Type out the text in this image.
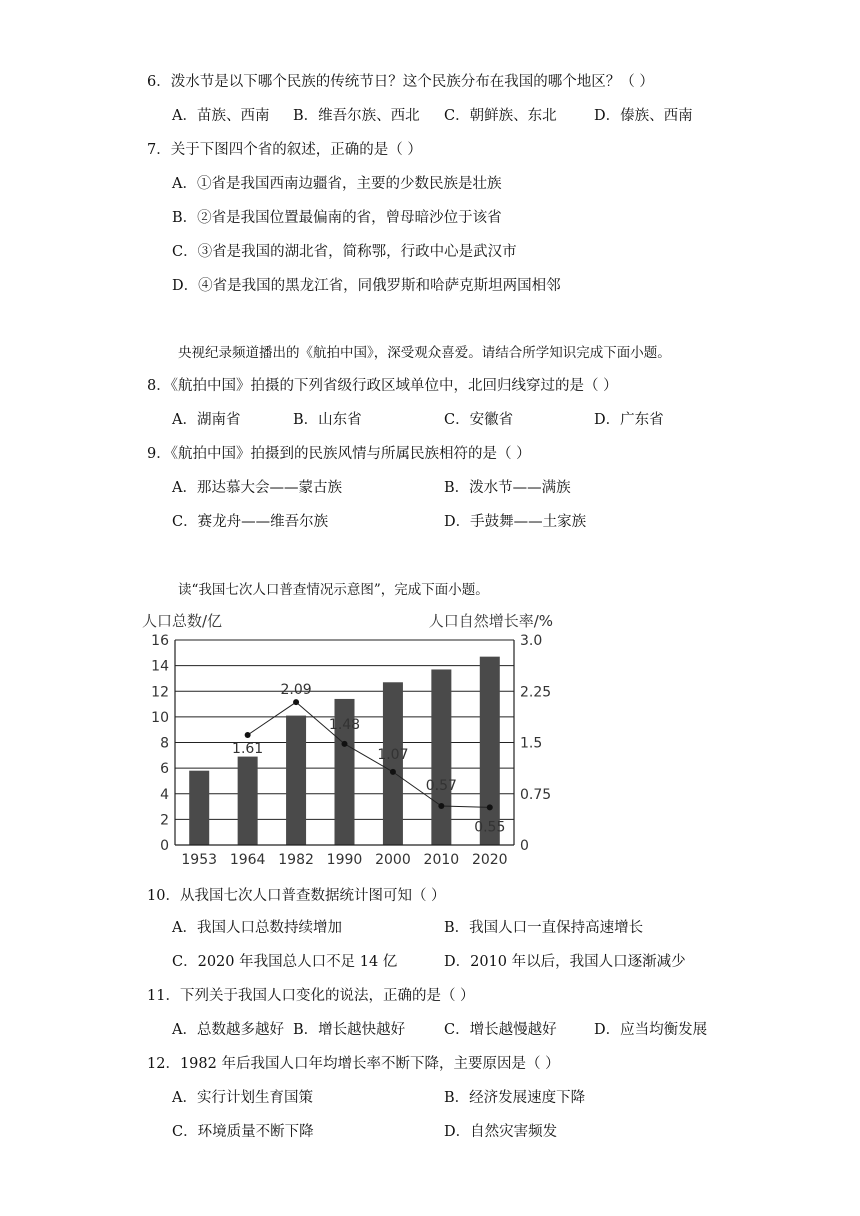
6．泼水节是以下哪个民族的传统节日？这个民族分布在我国的哪个地区？（ ）
A．苗族、西南 B．维吾尔族、西北 C．朝鲜族、东北	D．傣族、西南
7．关于下图四个省的叙述，正确的是（ ）
A．①省是我国西南边疆省，主要的少数民族是壮族
B．②省是我国位置最偏南的省，曾母暗沙位于该省
C．③省是我国的湖北省，简称鄂，行政中心是武汉市
D．④省是我国的黑龙江省，同俄罗斯和哈萨克斯坦两国相邻
央视纪录频道播出的《航拍中国》，深受观众喜爱。请结合所学知识完成下面小题。
8．《航拍中国》拍摄的下列省级行政区域单位中，北回归线穿过的是（ ）
A．湖南省	B．山东省	C．安徽省	D．广东省
9．《航拍中国》拍摄到的民族风情与所属民族相符的是（ ）
A．那达慕大会——蒙古族	B．泼水节——满族
C．赛龙舟——维吾尔族	D．手鼓舞——土家族
读“我国七次人口普查情况示意图”，完成下面小题。
0
2
4
6
8
10
12
14
16
0
0.75
1.5
2.25
3.0
1953 1964 1982 1990 2000 2010 2020
1.61
2.09
1.48
1.07
0.57
0.55
人口总数/亿	人口自然增长率/%
10．从我国七次人口普查数据统计图可知（ ）
A．我国人口总数持续增加	B．我国人口一直保持高速增长
C．2020 年我国总人口不足 14 亿	D．2010 年以后，我国人口逐渐减少
11．下列关于我国人口变化的说法，正确的是（ ）
A．总数越多越好 B．增长越快越好	C．增长越慢越好	D．应当均衡发展
12．1982 年后我国人口年均增长率不断下降，主要原因是（ ）
A．实行计划生育国策	B．经济发展速度下降
C．环境质量不断下降	D．自然灾害频发
